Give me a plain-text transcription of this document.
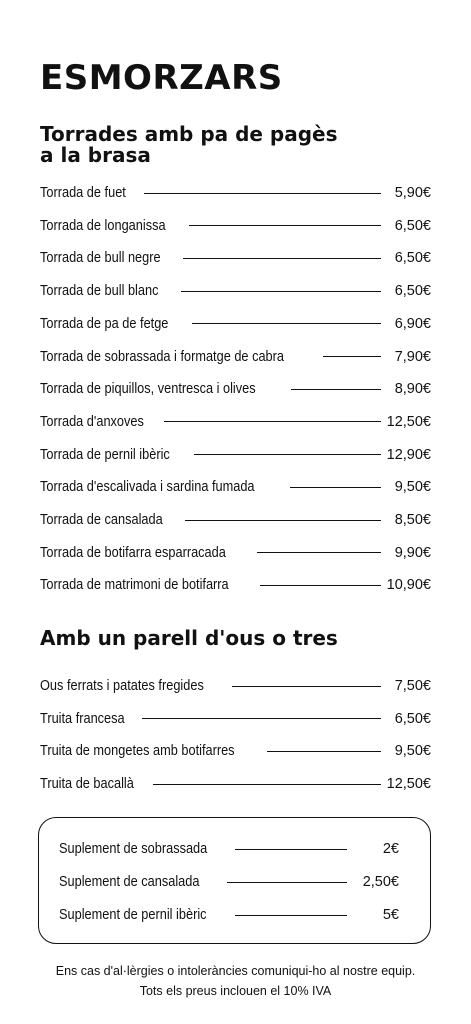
ESMORZARS
Torrades amb pa de pagès
a la brasa
Torrada de fuet	5,90€
Torrada de longanissa	6,50€
Torrada de bull negre	6,50€
Torrada de bull blanc	6,50€
Torrada de pa de fetge	6,90€
Torrada de sobrassada i formatge de cabra	7,90€
Torrada de piquillos, ventresca i olives	8,90€
Torrada d'anxoves	12,50€
Torrada de pernil ibèric	12,90€
Torrada d'escalivada i sardina fumada	9,50€
Torrada de cansalada	8,50€
Torrada de botifarra esparracada	9,90€
Torrada de matrimoni de botifarra	10,90€
Amb un parell d'ous o tres
Ous ferrats i patates fregides	7,50€
Truita francesa	6,50€
Truita de mongetes amb botifarres	9,50€
Truita de bacallà	12,50€
Suplement de sobrassada	2€
Suplement de cansalada	2,50€
Suplement de pernil ibèric	5€
Ens cas d'al·lèrgies o intoleràncies comuniqui-ho al nostre equip.
Tots els preus inclouen el 10% IVA
